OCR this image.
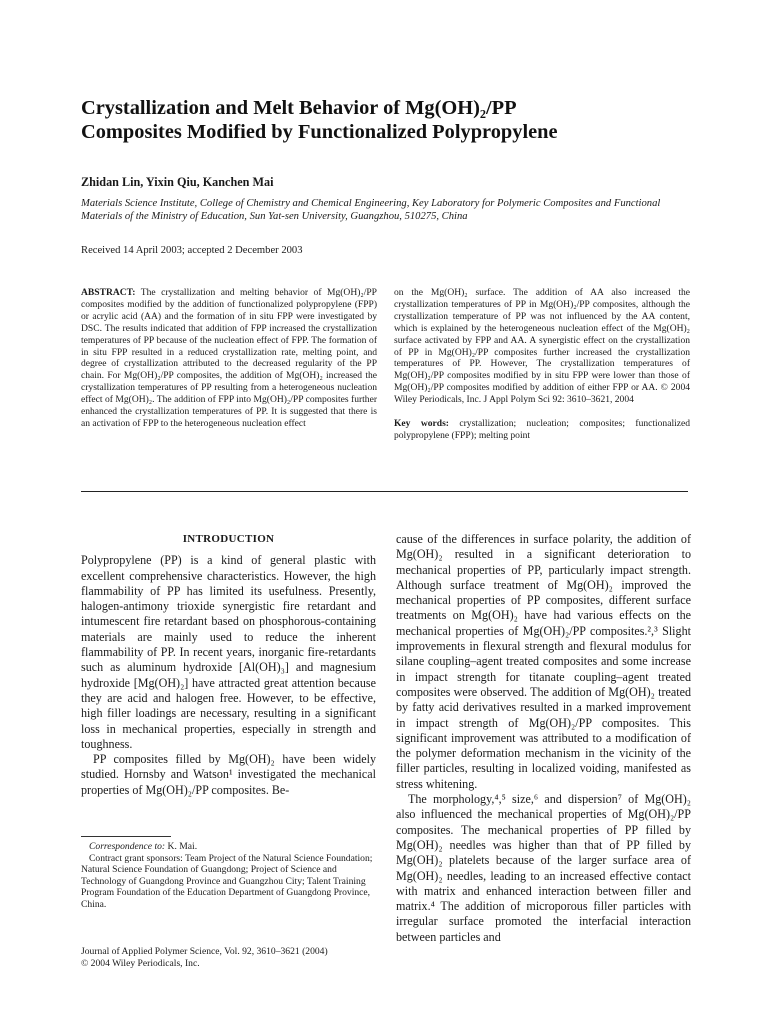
Crystallization and Melt Behavior of Mg(OH)₂/PP
Composites Modified by Functionalized Polypropylene
Zhidan Lin, Yixin Qiu, Kanchen Mai
Materials Science Institute, College of Chemistry and Chemical Engineering, Key Laboratory for Polymeric Composites and Functional Materials of the Ministry of Education, Sun Yat-sen University, Guangzhou, 510275, China
Received 14 April 2003; accepted 2 December 2003
ABSTRACT: The crystallization and melting behavior of Mg(OH)₂/PP composites modified by the addition of functionalized polypropylene (FPP) or acrylic acid (AA) and the formation of in situ FPP were investigated by DSC. The results indicated that addition of FPP increased the crystallization temperatures of PP because of the nucleation effect of FPP. The formation of in situ FPP resulted in a reduced crystallization rate, melting point, and degree of crystallization attributed to the decreased regularity of the PP chain. For Mg(OH)₂/PP composites, the addition of Mg(OH)₂ increased the crystallization temperatures of PP resulting from a heterogeneous nucleation effect of Mg(OH)₂. The addition of FPP into Mg(OH)₂/PP composites further enhanced the crystallization temperatures of PP. It is suggested that there is an activation of FPP to the heterogeneous nucleation effect
on the Mg(OH)₂ surface. The addition of AA also increased the crystallization temperatures of PP in Mg(OH)₂/PP composites, although the crystallization temperature of PP was not influenced by the AA content, which is explained by the heterogeneous nucleation effect of the Mg(OH)₂ surface activated by FPP and AA. A synergistic effect on the crystallization of PP in Mg(OH)₂/PP composites further increased the crystallization temperatures of PP. However, The crystallization temperatures of Mg(OH)₂/PP composites modified by in situ FPP were lower than those of Mg(OH)₂/PP composites modified by addition of either FPP or AA. © 2004 Wiley Periodicals, Inc. J Appl Polym Sci 92: 3610–3621, 2004
Key words: crystallization; nucleation; composites; functionalized polypropylene (FPP); melting point
INTRODUCTION

Polypropylene (PP) is a kind of general plastic with excellent comprehensive characteristics. However, the high flammability of PP has limited its usefulness. Presently, halogen-antimony trioxide synergistic fire retardant and intumescent fire retardant based on phosphorous-containing materials are mainly used to reduce the inherent flammability of PP. In recent years, inorganic fire-retardants such as aluminum hydroxide [Al(OH)₃] and magnesium hydroxide [Mg(OH)₂] have attracted great attention because they are acid and halogen free. However, to be effective, high filler loadings are necessary, resulting in a significant loss in mechanical properties, especially in strength and toughness.

PP composites filled by Mg(OH)₂ have been widely studied. Hornsby and Watson¹ investigated the mechanical properties of Mg(OH)₂/PP composites. Be-

cause of the differences in surface polarity, the addition of Mg(OH)₂ resulted in a significant deterioration to mechanical properties of PP, particularly impact strength. Although surface treatment of Mg(OH)₂ improved the mechanical properties of PP composites, different surface treatments on Mg(OH)₂ have had various effects on the mechanical properties of Mg(OH)₂/PP composites.²,³ Slight improvements in flexural strength and flexural modulus for silane coupling–agent treated composites and some increase in impact strength for titanate coupling–agent treated composites were observed. The addition of Mg(OH)₂ treated by fatty acid derivatives resulted in a marked improvement in impact strength of Mg(OH)₂/PP composites. This significant improvement was attributed to a modification of the polymer deformation mechanism in the vicinity of the filler particles, resulting in localized voiding, manifested as stress whitening.

The morphology,⁴,⁵ size,⁶ and dispersion⁷ of Mg(OH)₂ also influenced the mechanical properties of Mg(OH)₂/PP composites. The mechanical properties of PP filled by Mg(OH)₂ needles was higher than that of PP filled by Mg(OH)₂ platelets because of the larger surface area of Mg(OH)₂ needles, leading to an increased effective contact with matrix and enhanced interaction between filler and matrix.⁴ The addition of microporous filler particles with irregular surface promoted the interfacial interaction between particles and

Correspondence to: K. Mai.

Contract grant sponsors: Team Project of the Natural Science Foundation; Natural Science Foundation of Guangdong; Project of Science and Technology of Guangdong Province and Guangzhou City; Talent Training Program Foundation of the Education Department of Guangdong Province, China.

Journal of Applied Polymer Science, Vol. 92, 3610–3621 (2004)
© 2004 Wiley Periodicals, Inc.
